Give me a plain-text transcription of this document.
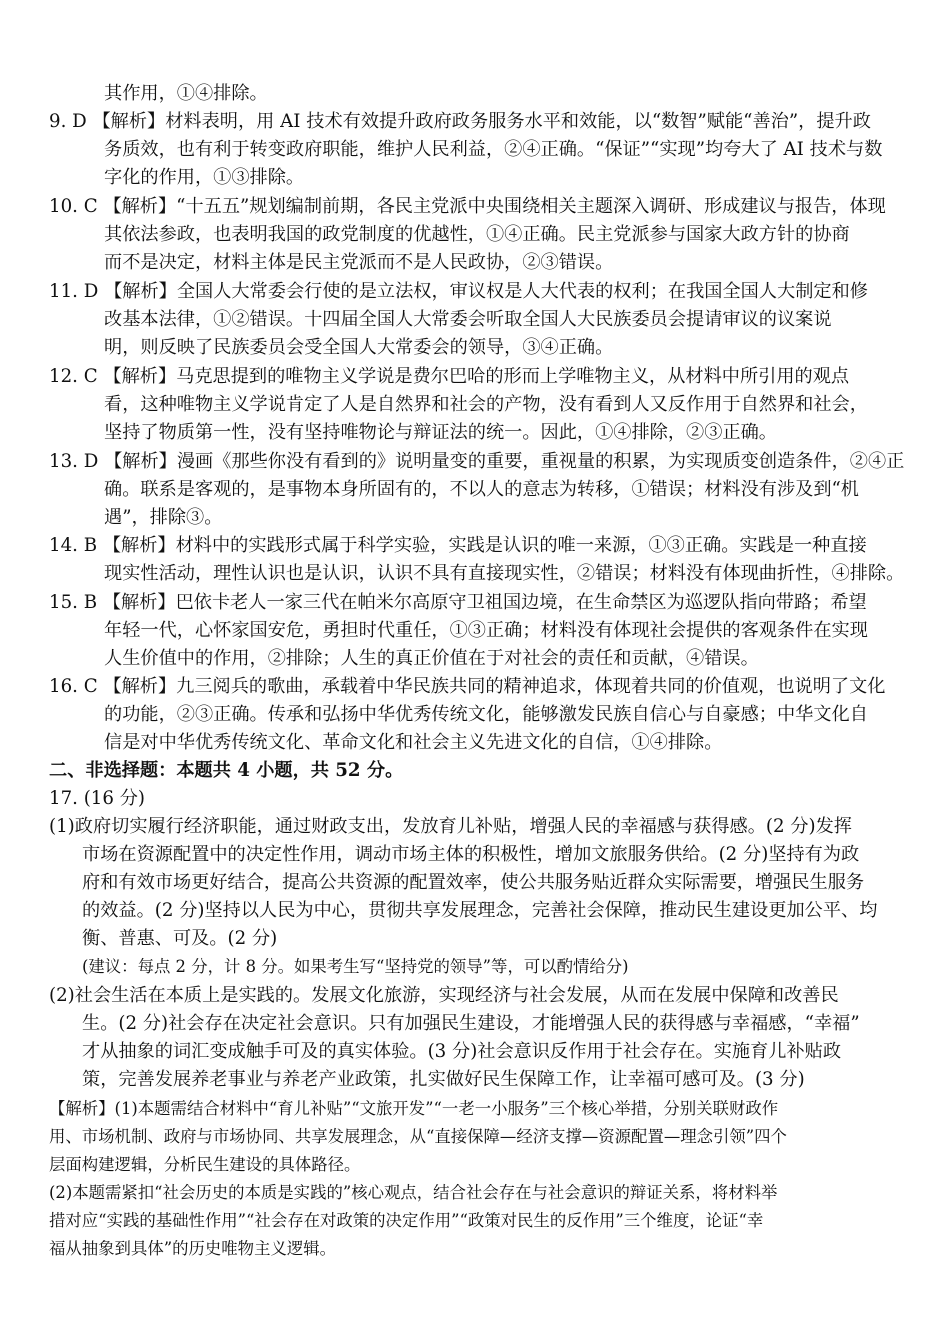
其作用，①④排除。
9. D 【解析】材料表明，用 AI 技术有效提升政府政务服务水平和效能，以“数智”赋能“善治”，提升政
务质效，也有利于转变政府职能，维护人民利益，②④正确。“保证”“实现”均夸大了 AI 技术与数
字化的作用，①③排除。
10. C 【解析】“十五五”规划编制前期，各民主党派中央围绕相关主题深入调研、形成建议与报告，体现
其依法参政，也表明我国的政党制度的优越性，①④正确。民主党派参与国家大政方针的协商
而不是决定，材料主体是民主党派而不是人民政协，②③错误。
11. D 【解析】全国人大常委会行使的是立法权，审议权是人大代表的权利；在我国全国人大制定和修
改基本法律，①②错误。十四届全国人大常委会听取全国人大民族委员会提请审议的议案说
明，则反映了民族委员会受全国人大常委会的领导，③④正确。
12. C 【解析】马克思提到的唯物主义学说是费尔巴哈的形而上学唯物主义，从材料中所引用的观点
看，这种唯物主义学说肯定了人是自然界和社会的产物，没有看到人又反作用于自然界和社会，
坚持了物质第一性，没有坚持唯物论与辩证法的统一。因此，①④排除，②③正确。
13. D 【解析】漫画《那些你没有看到的》说明量变的重要，重视量的积累，为实现质变创造条件，②④正
确。联系是客观的，是事物本身所固有的，不以人的意志为转移，①错误；材料没有涉及到“机
遇”，排除③。
14. B 【解析】材料中的实践形式属于科学实验，实践是认识的唯一来源，①③正确。实践是一种直接
现实性活动，理性认识也是认识，认识不具有直接现实性，②错误；材料没有体现曲折性，④排除。
15. B 【解析】巴依卡老人一家三代在帕米尔高原守卫祖国边境，在生命禁区为巡逻队指向带路；希望
年轻一代，心怀家国安危，勇担时代重任，①③正确；材料没有体现社会提供的客观条件在实现
人生价值中的作用，②排除；人生的真正价值在于对社会的责任和贡献，④错误。
16. C 【解析】九三阅兵的歌曲，承载着中华民族共同的精神追求，体现着共同的价值观，也说明了文化
的功能，②③正确。传承和弘扬中华优秀传统文化，能够激发民族自信心与自豪感；中华文化自
信是对中华优秀传统文化、革命文化和社会主义先进文化的自信，①④排除。
二、非选择题：本题共 4 小题，共 52 分。
17. (16 分)
(1)政府切实履行经济职能，通过财政支出，发放育儿补贴，增强人民的幸福感与获得感。(2 分)发挥
市场在资源配置中的决定性作用，调动市场主体的积极性，增加文旅服务供给。(2 分)坚持有为政
府和有效市场更好结合，提高公共资源的配置效率，使公共服务贴近群众实际需要，增强民生服务
的效益。(2 分)坚持以人民为中心，贯彻共享发展理念，完善社会保障，推动民生建设更加公平、均
衡、普惠、可及。(2 分)
(建议：每点 2 分，计 8 分。如果考生写“坚持党的领导”等，可以酌情给分)
(2)社会生活在本质上是实践的。发展文化旅游，实现经济与社会发展，从而在发展中保障和改善民
生。(2 分)社会存在决定社会意识。只有加强民生建设，才能增强人民的获得感与幸福感，“幸福”
才从抽象的词汇变成触手可及的真实体验。(3 分)社会意识反作用于社会存在。实施育儿补贴政
策，完善发展养老事业与养老产业政策，扎实做好民生保障工作，让幸福可感可及。(3 分)
【解析】(1)本题需结合材料中“育儿补贴”“文旅开发”“一老一小服务”三个核心举措，分别关联财政作
用、市场机制、政府与市场协同、共享发展理念，从“直接保障—经济支撑—资源配置—理念引领”四个
层面构建逻辑，分析民生建设的具体路径。
(2)本题需紧扣“社会历史的本质是实践的”核心观点，结合社会存在与社会意识的辩证关系，将材料举
措对应“实践的基础性作用”“社会存在对政策的决定作用”“政策对民生的反作用”三个维度，论证“幸
福从抽象到具体”的历史唯物主义逻辑。
